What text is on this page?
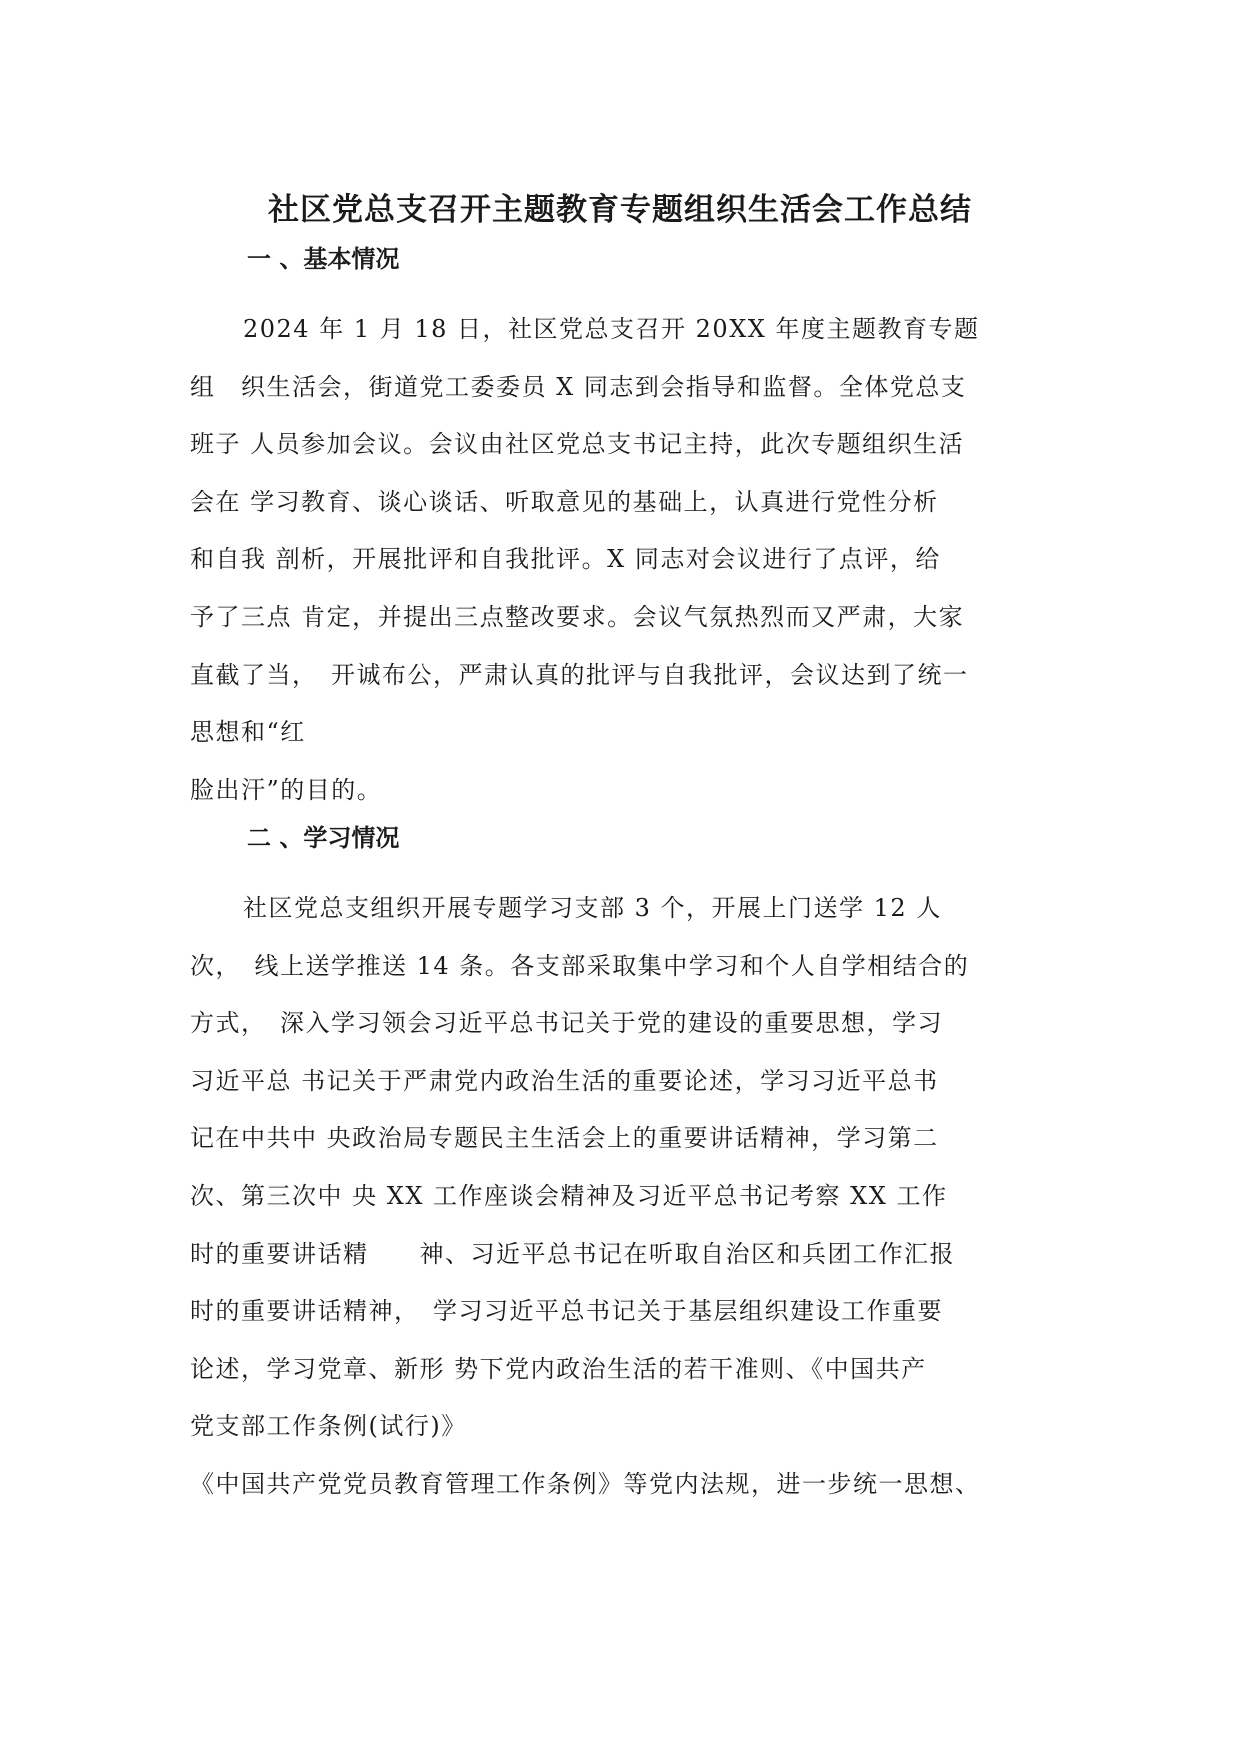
社区党总支召开主题教育专题组织生活会工作总结
一 、基本情况
2024 年 1 月 18 日，社区党总支召开 20XX 年度主题教育专题
组　织生活会，街道党工委委员 X 同志到会指导和监督。全体党总支
班子 人员参加会议。会议由社区党总支书记主持，此次专题组织生活
会在 学习教育、谈心谈话、听取意见的基础上，认真进行党性分析
和自我 剖析，开展批评和自我批评。X 同志对会议进行了点评，给
予了三点 肯定，并提出三点整改要求。会议气氛热烈而又严肃，大家
直截了当，　开诚布公，严肃认真的批评与自我批评，会议达到了统一
思想和“红
脸出汗”的目的。
二 、学习情况
社区党总支组织开展专题学习支部 3 个，开展上门送学 12 人
次，　线上送学推送 14 条。各支部采取集中学习和个人自学相结合的
方式，　深入学习领会习近平总书记关于党的建设的重要思想，学习
习近平总 书记关于严肃党内政治生活的重要论述，学习习近平总书
记在中共中 央政治局专题民主生活会上的重要讲话精神，学习第二
次、第三次中 央 XX 工作座谈会精神及习近平总书记考察 XX 工作
时的重要讲话精　　神、习近平总书记在听取自治区和兵团工作汇报
时的重要讲话精神，　学习习近平总书记关于基层组织建设工作重要
论述，学习党章、新形 势下党内政治生活的若干准则、《中国共产
党支部工作条例(试行)》
《中国共产党党员教育管理工作条例》等党内法规，进一步统一思想、
